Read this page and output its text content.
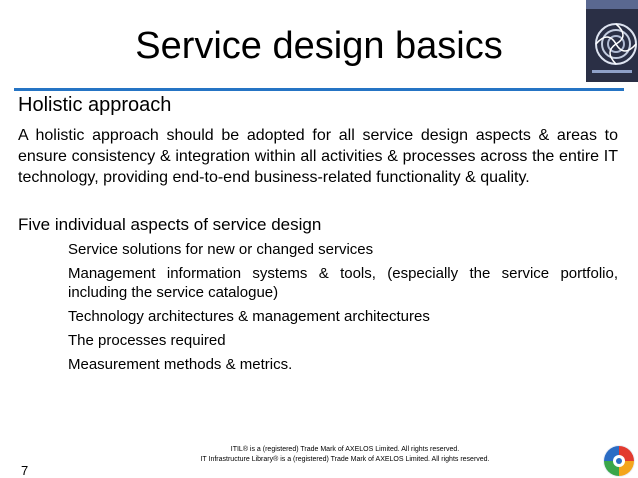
Service design basics
Holistic approach
A holistic approach should be adopted for all service design aspects & areas to ensure consistency & integration within all activities & processes across the entire IT technology, providing end-to-end business-related functionality & quality.
Five individual aspects of service design
Service solutions for new or changed services
Management information systems & tools, (especially the service portfolio, including the service catalogue)
Technology architectures & management architectures
The processes required
Measurement methods & metrics.
7
ITIL® is a (registered) Trade Mark of AXELOS Limited. All rights reserved.
IT Infrastructure Library® is a (registered) Trade Mark of AXELOS Limited. All rights reserved.
